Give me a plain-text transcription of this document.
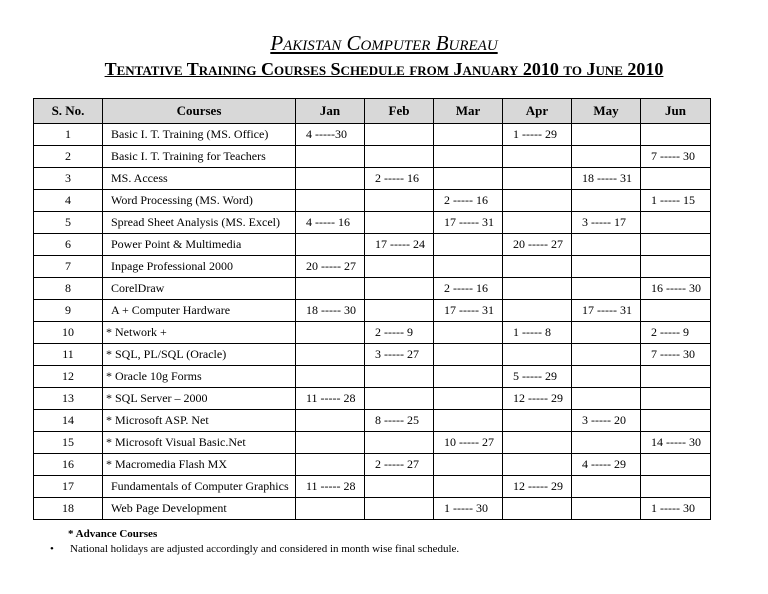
Pakistan Computer Bureau
Tentative Training Courses Schedule from January 2010 to June 2010
S. No.	Courses	Jan	Feb	Mar	Apr	May	Jun
1	Basic I. T. Training (MS. Office)	4 -----30			1 ----- 29		
2	Basic I. T. Training for Teachers						7 ----- 30
3	MS. Access		2 ----- 16			18 ----- 31	
4	Word Processing (MS. Word)			2 ----- 16			1 ----- 15
5	Spread Sheet Analysis (MS. Excel)	4 ----- 16		17 ----- 31		3 ----- 17	
6	Power Point & Multimedia		17 ----- 24		20 ----- 27		
7	Inpage Professional 2000	20 ----- 27					
8	CorelDraw			2 ----- 16			16 ----- 30
9	A + Computer Hardware	18 ----- 30		17 ----- 31		17 ----- 31	
10	* Network +		2 ----- 9		1 ----- 8		2 ----- 9
11	* SQL, PL/SQL (Oracle)		3 ----- 27				7 ----- 30
12	* Oracle 10g Forms				5 ----- 29		
13	* SQL Server – 2000	11 ----- 28			12 ----- 29		
14	* Microsoft ASP. Net		8 ----- 25			3 ----- 20	
15	* Microsoft Visual Basic.Net			10 ----- 27			14 ----- 30
16	* Macromedia Flash MX		2 ----- 27			4 ----- 29	
17	Fundamentals of Computer Graphics	11 ----- 28			12 ----- 29		
18	Web Page Development			1 ----- 30			1 ----- 30
* Advance Courses
• National holidays are adjusted accordingly and considered in month wise final schedule.
